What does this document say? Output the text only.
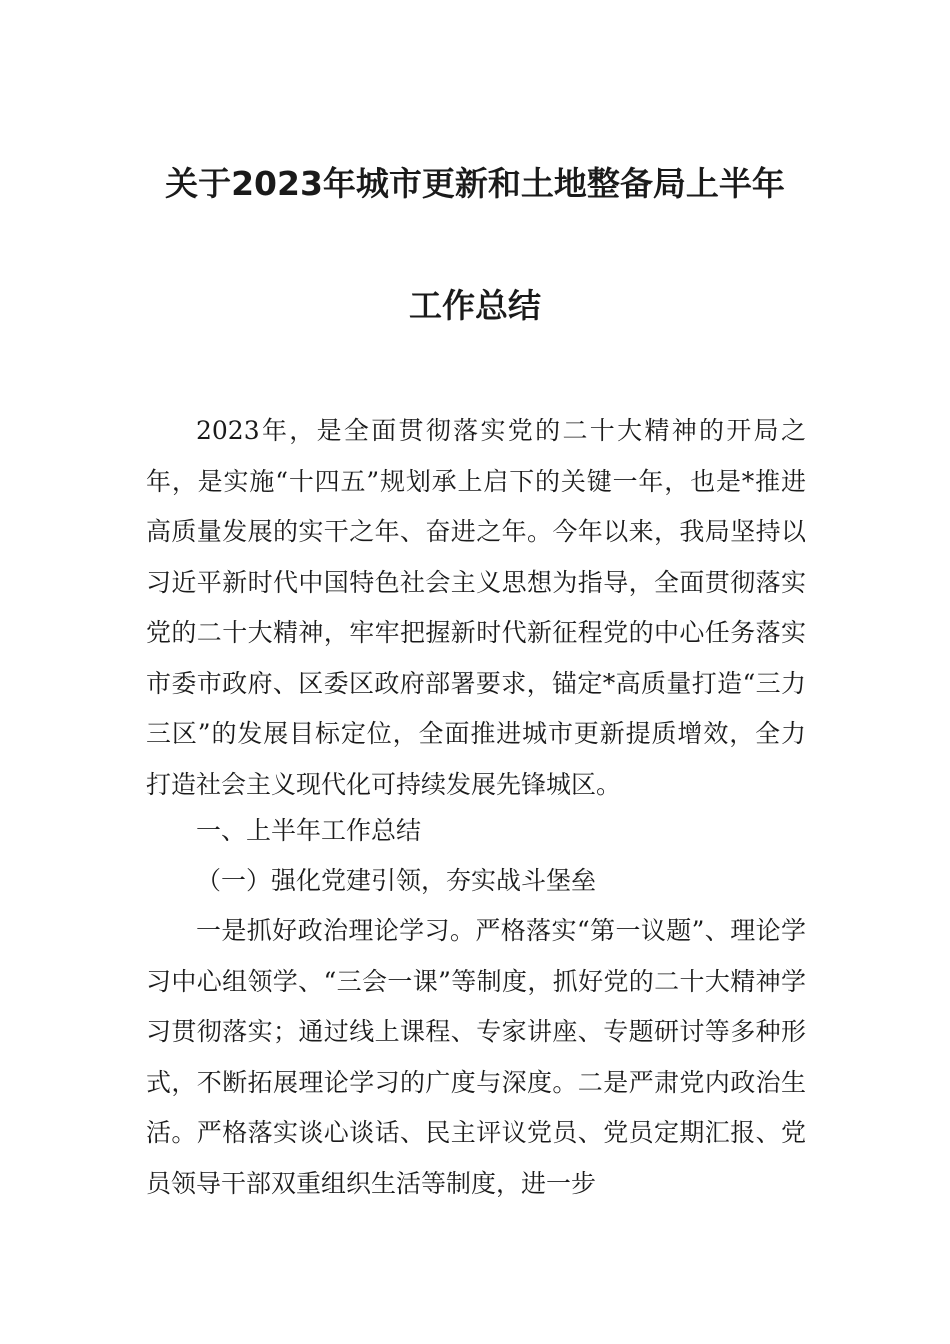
关于2023年城市更新和土地整备局上半年
工作总结

2023年，是全面贯彻落实党的二十大精神的开局之年，是实施“十四五”规划承上启下的关键一年，也是*推进高质量发展的实干之年、奋进之年。今年以来，我局坚持以习近平新时代中国特色社会主义思想为指导，全面贯彻落实党的二十大精神，牢牢把握新时代新征程党的中心任务落实市委市政府、区委区政府部署要求，锚定*高质量打造“三力三区”的发展目标定位，全面推进城市更新提质增效，全力打造社会主义现代化可持续发展先锋城区。

一、上半年工作总结

（一）强化党建引领，夯实战斗堡垒

一是抓好政治理论学习。严格落实“第一议题”、理论学习中心组领学、“三会一课”等制度，抓好党的二十大精神学习贯彻落实；通过线上课程、专家讲座、专题研讨等多种形式，不断拓展理论学习的广度与深度。二是严肃党内政治生活。严格落实谈心谈话、民主评议党员、党员定期汇报、党员领导干部双重组织生活等制度，进一步
